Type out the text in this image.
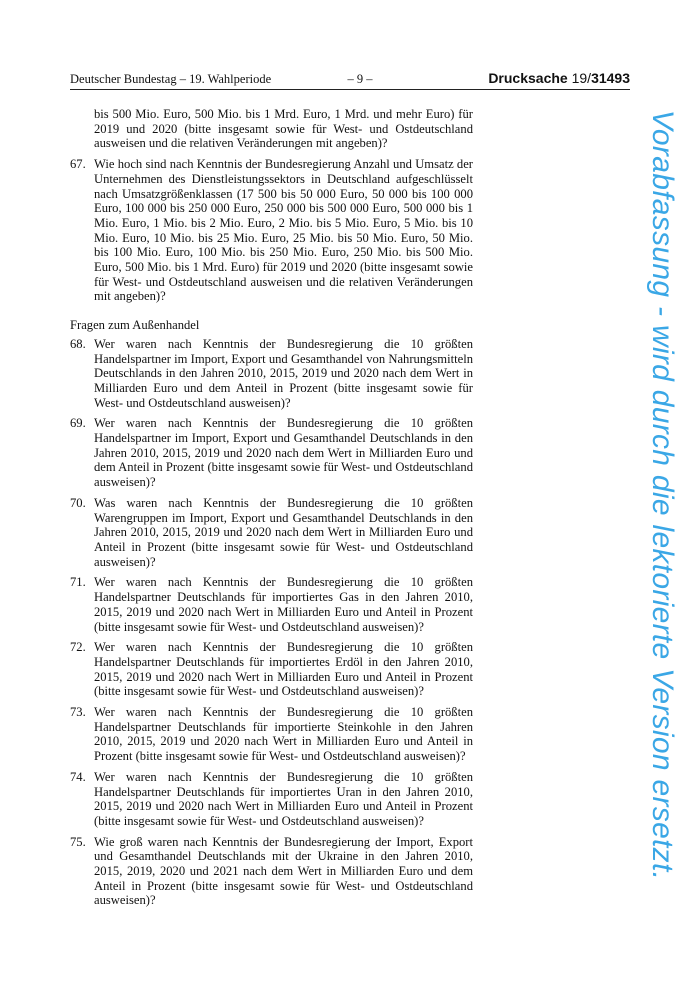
Deutscher Bundestag – 19. Wahlperiode	– 9 –	Drucksache 19/31493
bis 500 Mio. Euro, 500 Mio. bis 1 Mrd. Euro, 1 Mrd. und mehr Euro) für 2019 und 2020 (bitte insgesamt sowie für West- und Ostdeutschland ausweisen und die relativen Veränderungen mit angeben)?
67. Wie hoch sind nach Kenntnis der Bundesregierung Anzahl und Umsatz der Unternehmen des Dienstleistungssektors in Deutschland aufgeschlüsselt nach Umsatzgrößenklassen (17 500 bis 50 000 Euro, 50 000 bis 100 000 Euro, 100 000 bis 250 000 Euro, 250 000 bis 500 000 Euro, 500 000 bis 1 Mio. Euro, 1 Mio. bis 2 Mio. Euro, 2 Mio. bis 5 Mio. Euro, 5 Mio. bis 10 Mio. Euro, 10 Mio. bis 25 Mio. Euro, 25 Mio. bis 50 Mio. Euro, 50 Mio. bis 100 Mio. Euro, 100 Mio. bis 250 Mio. Euro, 250 Mio. bis 500 Mio. Euro, 500 Mio. bis 1 Mrd. Euro) für 2019 und 2020 (bitte insgesamt sowie für West- und Ostdeutschland ausweisen und die relativen Veränderungen mit angeben)?
Fragen zum Außenhandel
68. Wer waren nach Kenntnis der Bundesregierung die 10 größten Handelspartner im Import, Export und Gesamthandel von Nahrungsmitteln Deutschlands in den Jahren 2010, 2015, 2019 und 2020 nach dem Wert in Milliarden Euro und dem Anteil in Prozent (bitte insgesamt sowie für West- und Ostdeutschland ausweisen)?
69. Wer waren nach Kenntnis der Bundesregierung die 10 größten Handelspartner im Import, Export und Gesamthandel Deutschlands in den Jahren 2010, 2015, 2019 und 2020 nach dem Wert in Milliarden Euro und dem Anteil in Prozent (bitte insgesamt sowie für West- und Ostdeutschland ausweisen)?
70. Was waren nach Kenntnis der Bundesregierung die 10 größten Warengruppen im Import, Export und Gesamthandel Deutschlands in den Jahren 2010, 2015, 2019 und 2020 nach dem Wert in Milliarden Euro und Anteil in Prozent (bitte insgesamt sowie für West- und Ostdeutschland ausweisen)?
71. Wer waren nach Kenntnis der Bundesregierung die 10 größten Handelspartner Deutschlands für importiertes Gas in den Jahren 2010, 2015, 2019 und 2020 nach Wert in Milliarden Euro und Anteil in Prozent (bitte insgesamt sowie für West- und Ostdeutschland ausweisen)?
72. Wer waren nach Kenntnis der Bundesregierung die 10 größten Handelspartner Deutschlands für importiertes Erdöl in den Jahren 2010, 2015, 2019 und 2020 nach Wert in Milliarden Euro und Anteil in Prozent (bitte insgesamt sowie für West- und Ostdeutschland ausweisen)?
73. Wer waren nach Kenntnis der Bundesregierung die 10 größten Handelspartner Deutschlands für importierte Steinkohle in den Jahren 2010, 2015, 2019 und 2020 nach Wert in Milliarden Euro und Anteil in Prozent (bitte insgesamt sowie für West- und Ostdeutschland ausweisen)?
74. Wer waren nach Kenntnis der Bundesregierung die 10 größten Handelspartner Deutschlands für importiertes Uran in den Jahren 2010, 2015, 2019 und 2020 nach Wert in Milliarden Euro und Anteil in Prozent (bitte insgesamt sowie für West- und Ostdeutschland ausweisen)?
75. Wie groß waren nach Kenntnis der Bundesregierung der Import, Export und Gesamthandel Deutschlands mit der Ukraine in den Jahren 2010, 2015, 2019, 2020 und 2021 nach dem Wert in Milliarden Euro und dem Anteil in Prozent (bitte insgesamt sowie für West- und Ostdeutschland ausweisen)?
Vorabfassung - wird durch die lektorierte Version ersetzt.
